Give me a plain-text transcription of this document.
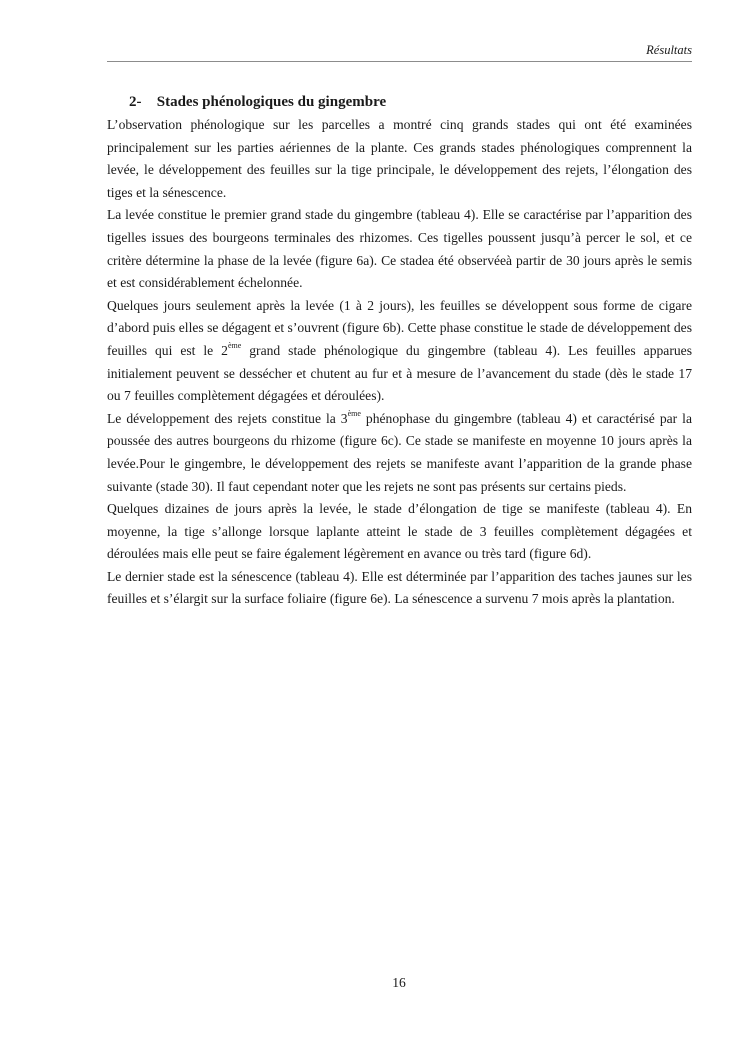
Résultats
2- Stades phénologiques du gingembre

L’observation phénologique sur les parcelles a montré cinq grands stades qui ont été examinées principalement sur les parties aériennes de la plante. Ces grands stades phénologiques comprennent la levée, le développement des feuilles sur la tige principale, le développement des rejets, l’élongation des tiges et la sénescence.

La levée constitue le premier grand stade du gingembre (tableau 4). Elle se caractérise par l’apparition des tigelles issues des bourgeons terminales des rhizomes. Ces tigelles poussent jusqu’à percer le sol, et ce critère détermine la phase de la levée (figure 6a). Ce stadea été observéeà partir de 30 jours après le semis et est considérablement échelonnée.

Quelques jours seulement après la levée (1 à 2 jours), les feuilles se développent sous forme de cigare d’abord puis elles se dégagent et s’ouvrent (figure 6b). Cette phase constitue le stade de développement des feuilles qui est le 2ème grand stade phénologique du gingembre (tableau 4). Les feuilles apparues initialement peuvent se dessécher et chutent au fur et à mesure de l’avancement du stade (dès le stade 17 ou 7 feuilles complètement dégagées et déroulées).

Le développement des rejets constitue la 3ème phénophase du gingembre (tableau 4) et caractérisé par la poussée des autres bourgeons du rhizome (figure 6c). Ce stade se manifeste en moyenne 10 jours après la levée.Pour le gingembre, le développement des rejets se manifeste avant l’apparition de la grande phase suivante (stade 30). Il faut cependant noter que les rejets ne sont pas présents sur certains pieds.

Quelques dizaines de jours après la levée, le stade d’élongation de tige se manifeste (tableau 4). En moyenne, la tige s’allonge lorsque laplante atteint le stade de 3 feuilles complètement dégagées et déroulées mais elle peut se faire également légèrement en avance ou très tard (figure 6d).

Le dernier stade est la sénescence (tableau 4). Elle est déterminée par l’apparition des taches jaunes sur les feuilles et s’élargit sur la surface foliaire (figure 6e). La sénescence a survenu 7 mois après la plantation.

16
